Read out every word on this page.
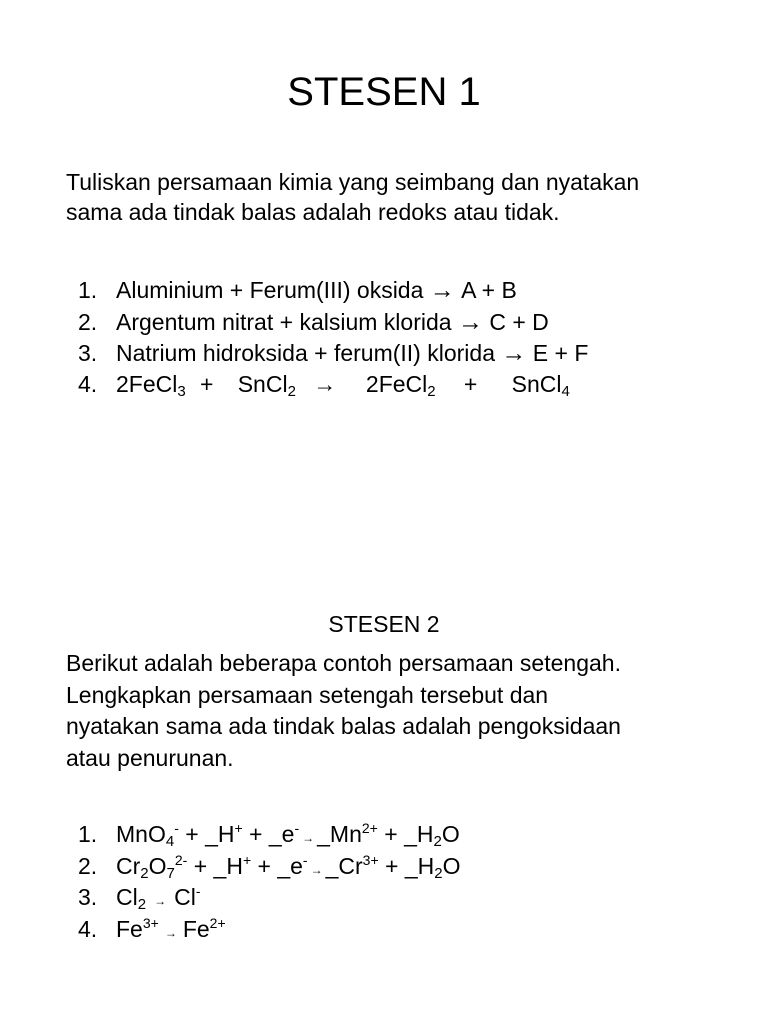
STESEN 1
Tuliskan persamaan kimia yang seimbang dan nyatakan
sama ada tindak balas adalah redoks atau tidak.
1. Aluminium + Ferum(III) oksida
→
A + B
2. Argentum nitrat + kalsium klorida
→
C + D
3. Natrium hidroksida + ferum(II) klorida
→
E + F
4. 2FeCl3 +	SnCl2 →	2FeCl2	+	SnCl4
STESEN 2
Berikut adalah beberapa contoh persamaan setengah.
Lengkapkan persamaan setengah tersebut dan
nyatakan sama ada tindak balas adalah pengoksidaan
atau penurunan.
1. MnO 4
- + _H + + _e -
→ _Mn 2+ + _H 2 O
2. Cr 2 O 7
2- + _H + + _e -
→ _Cr 3+ + _H 2 O
3. Cl 2 → Cl -
4. Fe 3+
→ Fe 2+
